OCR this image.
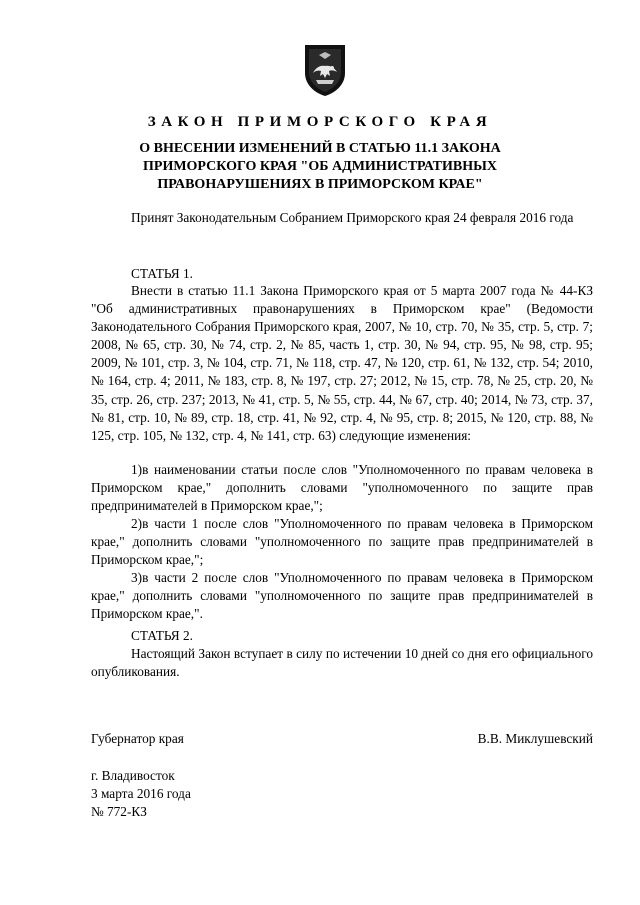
ЗАКОН ПРИМОРСКОГО КРАЯ
О ВНЕСЕНИИ ИЗМЕНЕНИЙ В СТАТЬЮ 11.1 ЗАКОНА
ПРИМОРСКОГО КРАЯ "ОБ АДМИНИСТРАТИВНЫХ
ПРАВОНАРУШЕНИЯХ В ПРИМОРСКОМ КРАЕ"

Принят Законодательным Собранием Приморского края 24 февраля 2016 года

СТАТЬЯ 1.

Внести в статью 11.1 Закона Приморского края от 5 марта 2007 года № 44-КЗ "Об административных правонарушениях в Приморском крае" (Ведомости Законодательного Собрания Приморского края, 2007, № 10, стр. 70, № 35, стр. 5, стр. 7; 2008, № 65, стр. 30, № 74, стр. 2, № 85, часть 1, стр. 30, № 94, стр. 95, № 98, стр. 95; 2009, № 101, стр. 3, № 104, стр. 71, № 118, стр. 47, № 120, стр. 61, № 132, стр. 54; 2010, № 164, стр. 4; 2011, № 183, стр. 8, № 197, стр. 27; 2012, № 15, стр. 78, № 25, стр. 20, № 35, стр. 26, стр. 237; 2013, № 41, стр. 5, № 55, стр. 44, № 67, стр. 40; 2014, № 73, стр. 37, № 81, стр. 10, № 89, стр. 18, стр. 41, № 92, стр. 4, № 95, стр. 8; 2015, № 120, стр. 88, № 125, стр. 105, № 132, стр. 4, № 141, стр. 63) следующие изменения:

1)в наименовании статьи после слов "Уполномоченного по правам человека в Приморском крае," дополнить словами "уполномоченного по защите прав предпринимателей в Приморском крае,";

2)в части 1 после слов "Уполномоченного по правам человека в Приморском крае," дополнить словами "уполномоченного по защите прав предпринимателей в Приморском крае,";

3)в части 2 после слов "Уполномоченного по правам человека в Приморском крае," дополнить словами "уполномоченного по защите прав предпринимателей в Приморском крае,".

СТАТЬЯ 2.

Настоящий Закон вступает в силу по истечении 10 дней со дня его официального опубликования.

Губернатор края	В.В. Миклушевский
г. Владивосток
3 марта 2016 года
№ 772-КЗ
